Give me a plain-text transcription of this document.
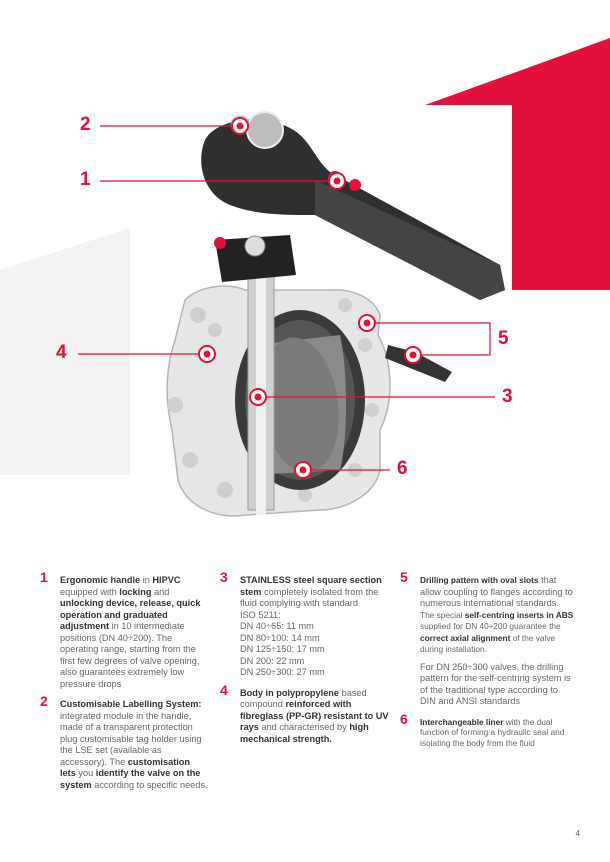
2
1
4
5
3
6
1 Ergonomic handle in HIPVC equipped with locking and unlocking device, release, quick operation and graduated adjustment in 10 intermediate positions (DN 40÷200). The operating range, starting from the first few degrees of valve opening, also guarantees extremely low pressure drops

2 Customisable Labelling System: integrated module in the handle, made of a transparent protection plug customisable tag holder using the LSE set (available as accessory). The customisation lets you identify the valve on the system according to specific needs.

3 STAINLESS steel square section stem completely isolated from the fluid complying with standard

ISO 5211:
DN 40÷65: 11 mm
DN 80÷100: 14 mm
DN 125÷150: 17 mm
DN 200: 22 mm
DN 250÷300: 27 mm

4 Body in polypropylene based compound reinforced with fibreglass (PP-GR) resistant to UV rays and characterised by high mechanical strength.

5 Drilling pattern with oval slots that allow coupling to flanges according to numerous international standards. The special self-centring inserts in ABS supplied for DN 40÷200 guarantee the correct axial alignment of the valve during installation.

For DN 250÷300 valves, the drilling pattern for the self-centring system is of the traditional type according to DIN and ANSI standards

6 Interchangeable liner with the dual function of forming a hydraulic seal and isolating the body from the fluid

4
